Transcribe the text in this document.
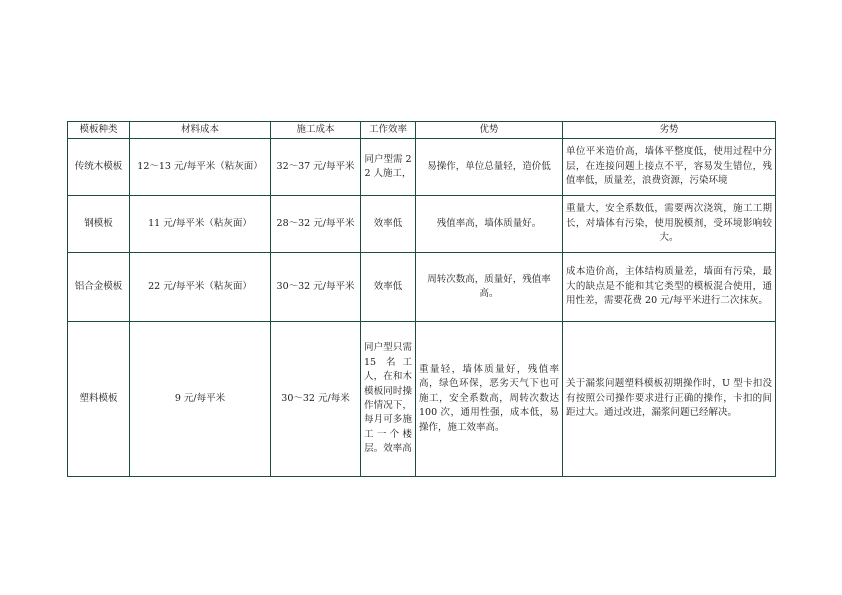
模板种类	材料成本	施工成本	工作效率	优势	劣势
传统木模板	12～13 元/每平米（粘灰面）	32～37 元/每平米	同户型需 22 人施工，	易操作，单位总量轻，造价低	单位平米造价高，墙体平整度低，使用过程中分层，在连接问题上接点不平，容易发生错位，残值率低，质量差，浪费资源，污染环境
钢模板	11 元/每平米（粘灰面）	28～32 元/每平米	效率低	残值率高，墙体质量好。	重量大，安全系数低，需要两次浇筑，施工工期长，对墙体有污染，使用脱模剂，受环境影响较大。
铝合金模板	22 元/每平米（粘灰面）	30～32 元/每平米	效率低	周转次数高，质量好，残值率高。	成本造价高，主体结构质量差，墙面有污染，最大的缺点是不能和其它类型的模板混合使用，通用性差，需要花费 20 元/每平米进行二次抹灰。
塑料模板	9 元/每平米	30～32 元/每米	同户型只需 15 名工人，在和木模板同时操作情况下，每月可多施工一个楼层。效率高	重量轻，墙体质量好，残值率高，绿色环保，恶劣天气下也可施工，安全系数高，周转次数达 100 次，通用性强，成本低，易操作，施工效率高。	关于漏浆问题塑料模板初期操作时，U 型卡扣没有按照公司操作要求进行正确的操作，卡扣的间距过大。通过改进，漏浆问题已经解决。
